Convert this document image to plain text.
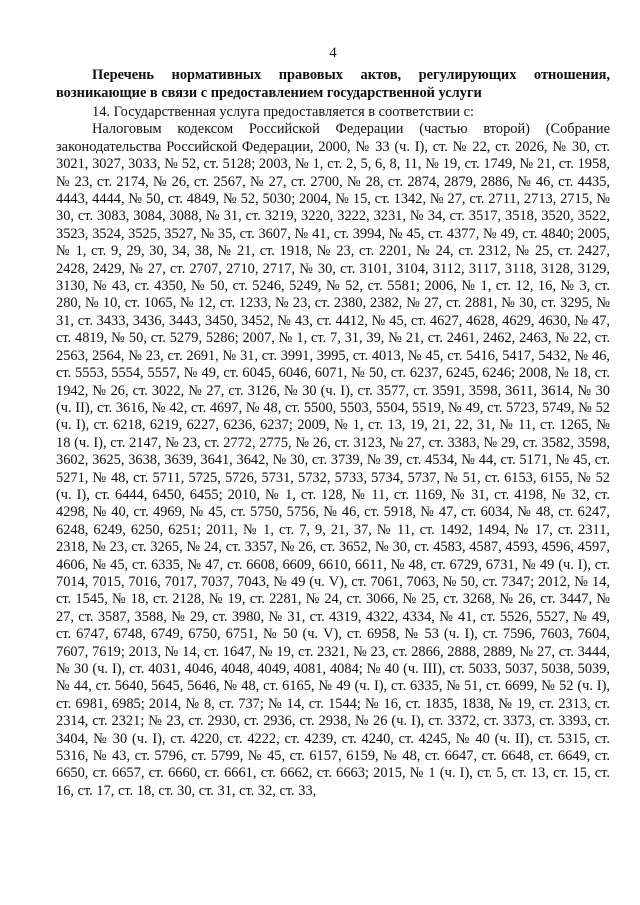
4
Перечень нормативных правовых актов, регулирующих отношения, возникающие в связи с предоставлением государственной услуги

14. Государственная услуга предоставляется в соответствии с:

Налоговым кодексом Российской Федерации (частью второй) (Собрание законодательства Российской Федерации, 2000, № 33 (ч. I), ст. № 22, ст. 2026, № 30, ст. 3021, 3027, 3033, № 52, ст. 5128; 2003, № 1, ст. 2, 5, 6, 8, 11, № 19, ст. 1749, № 21, ст. 1958, № 23, ст. 2174, № 26, ст. 2567, № 27, ст. 2700, № 28, ст. 2874, 2879, 2886, № 46, ст. 4435, 4443, 4444, № 50, ст. 4849, № 52, 5030; 2004, № 15, ст. 1342, № 27, ст. 2711, 2713, 2715, № 30, ст. 3083, 3084, 3088, № 31, ст. 3219, 3220, 3222, 3231, № 34, ст. 3517, 3518, 3520, 3522, 3523, 3524, 3525, 3527, № 35, ст. 3607, № 41, ст. 3994, № 45, ст. 4377, № 49, ст. 4840; 2005, № 1, ст. 9, 29, 30, 34, 38, № 21, ст. 1918, № 23, ст. 2201, № 24, ст. 2312, № 25, ст. 2427, 2428, 2429, № 27, ст. 2707, 2710, 2717, № 30, ст. 3101, 3104, 3112, 3117, 3118, 3128, 3129, 3130, № 43, ст. 4350, № 50, ст. 5246, 5249, № 52, ст. 5581; 2006, № 1, ст. 12, 16, № 3, ст. 280, № 10, ст. 1065, № 12, ст. 1233, № 23, ст. 2380, 2382, № 27, ст. 2881, № 30, ст. 3295, № 31, ст. 3433, 3436, 3443, 3450, 3452, № 43, ст. 4412, № 45, ст. 4627, 4628, 4629, 4630, № 47, ст. 4819, № 50, ст. 5279, 5286; 2007, № 1, ст. 7, 31, 39, № 21, ст. 2461, 2462, 2463, № 22, ст. 2563, 2564, № 23, ст. 2691, № 31, ст. 3991, 3995, ст. 4013, № 45, ст. 5416, 5417, 5432, № 46, ст. 5553, 5554, 5557, № 49, ст. 6045, 6046, 6071, № 50, ст. 6237, 6245, 6246; 2008, № 18, ст. 1942, № 26, ст. 3022, № 27, ст. 3126, № 30 (ч. I), ст. 3577, ст. 3591, 3598, 3611, 3614, № 30 (ч. II), ст. 3616, № 42, ст. 4697, № 48, ст. 5500, 5503, 5504, 5519, № 49, ст. 5723, 5749, № 52 (ч. I), ст. 6218, 6219, 6227, 6236, 6237; 2009, № 1, ст. 13, 19, 21, 22, 31, № 11, ст. 1265, № 18 (ч. I), ст. 2147, № 23, ст. 2772, 2775, № 26, ст. 3123, № 27, ст. 3383, № 29, ст. 3582, 3598, 3602, 3625, 3638, 3639, 3641, 3642, № 30, ст. 3739, № 39, ст. 4534, № 44, ст. 5171, № 45, ст. 5271, № 48, ст. 5711, 5725, 5726, 5731, 5732, 5733, 5734, 5737, № 51, ст. 6153, 6155, № 52 (ч. I), ст. 6444, 6450, 6455; 2010, № 1, ст. 128, № 11, ст. 1169, № 31, ст. 4198, № 32, ст. 4298, № 40, ст. 4969, № 45, ст. 5750, 5756, № 46, ст. 5918, № 47, ст. 6034, № 48, ст. 6247, 6248, 6249, 6250, 6251; 2011, № 1, ст. 7, 9, 21, 37, № 11, ст. 1492, 1494, № 17, ст. 2311, 2318, № 23, ст. 3265, № 24, ст. 3357, № 26, ст. 3652, № 30, ст. 4583, 4587, 4593, 4596, 4597, 4606, № 45, ст. 6335, № 47, ст. 6608, 6609, 6610, 6611, № 48, ст. 6729, 6731, № 49 (ч. I), ст. 7014, 7015, 7016, 7017, 7037, 7043, № 49 (ч. V), ст. 7061, 7063, № 50, ст. 7347; 2012, № 14, ст. 1545, № 18, ст. 2128, № 19, ст. 2281, № 24, ст. 3066, № 25, ст. 3268, № 26, ст. 3447, № 27, ст. 3587, 3588, № 29, ст. 3980, № 31, ст. 4319, 4322, 4334, № 41, ст. 5526, 5527, № 49, ст. 6747, 6748, 6749, 6750, 6751, № 50 (ч. V), ст. 6958, № 53 (ч. I), ст. 7596, 7603, 7604, 7607, 7619; 2013, № 14, ст. 1647, № 19, ст. 2321, № 23, ст. 2866, 2888, 2889, № 27, ст. 3444, № 30 (ч. I), ст. 4031, 4046, 4048, 4049, 4081, 4084; № 40 (ч. III), ст. 5033, 5037, 5038, 5039, № 44, ст. 5640, 5645, 5646, № 48, ст. 6165, № 49 (ч. I), ст. 6335, № 51, ст. 6699, № 52 (ч. I), ст. 6981, 6985; 2014, № 8, ст. 737; № 14, ст. 1544; № 16, ст. 1835, 1838, № 19, ст. 2313, ст. 2314, ст. 2321; № 23, ст. 2930, ст. 2936, ст. 2938, № 26 (ч. I), ст. 3372, ст. 3373, ст. 3393, ст. 3404, № 30 (ч. I), ст. 4220, ст. 4222, ст. 4239, ст. 4240, ст. 4245, № 40 (ч. II), ст. 5315, ст. 5316, № 43, ст. 5796, ст. 5799, № 45, ст. 6157, 6159, № 48, ст. 6647, ст. 6648, ст. 6649, ст. 6650, ст. 6657, ст. 6660, ст. 6661, ст. 6662, ст. 6663; 2015, № 1 (ч. I), ст. 5, ст. 13, ст. 15, ст. 16, ст. 17, ст. 18, ст. 30, ст. 31, ст. 32, ст. 33,
